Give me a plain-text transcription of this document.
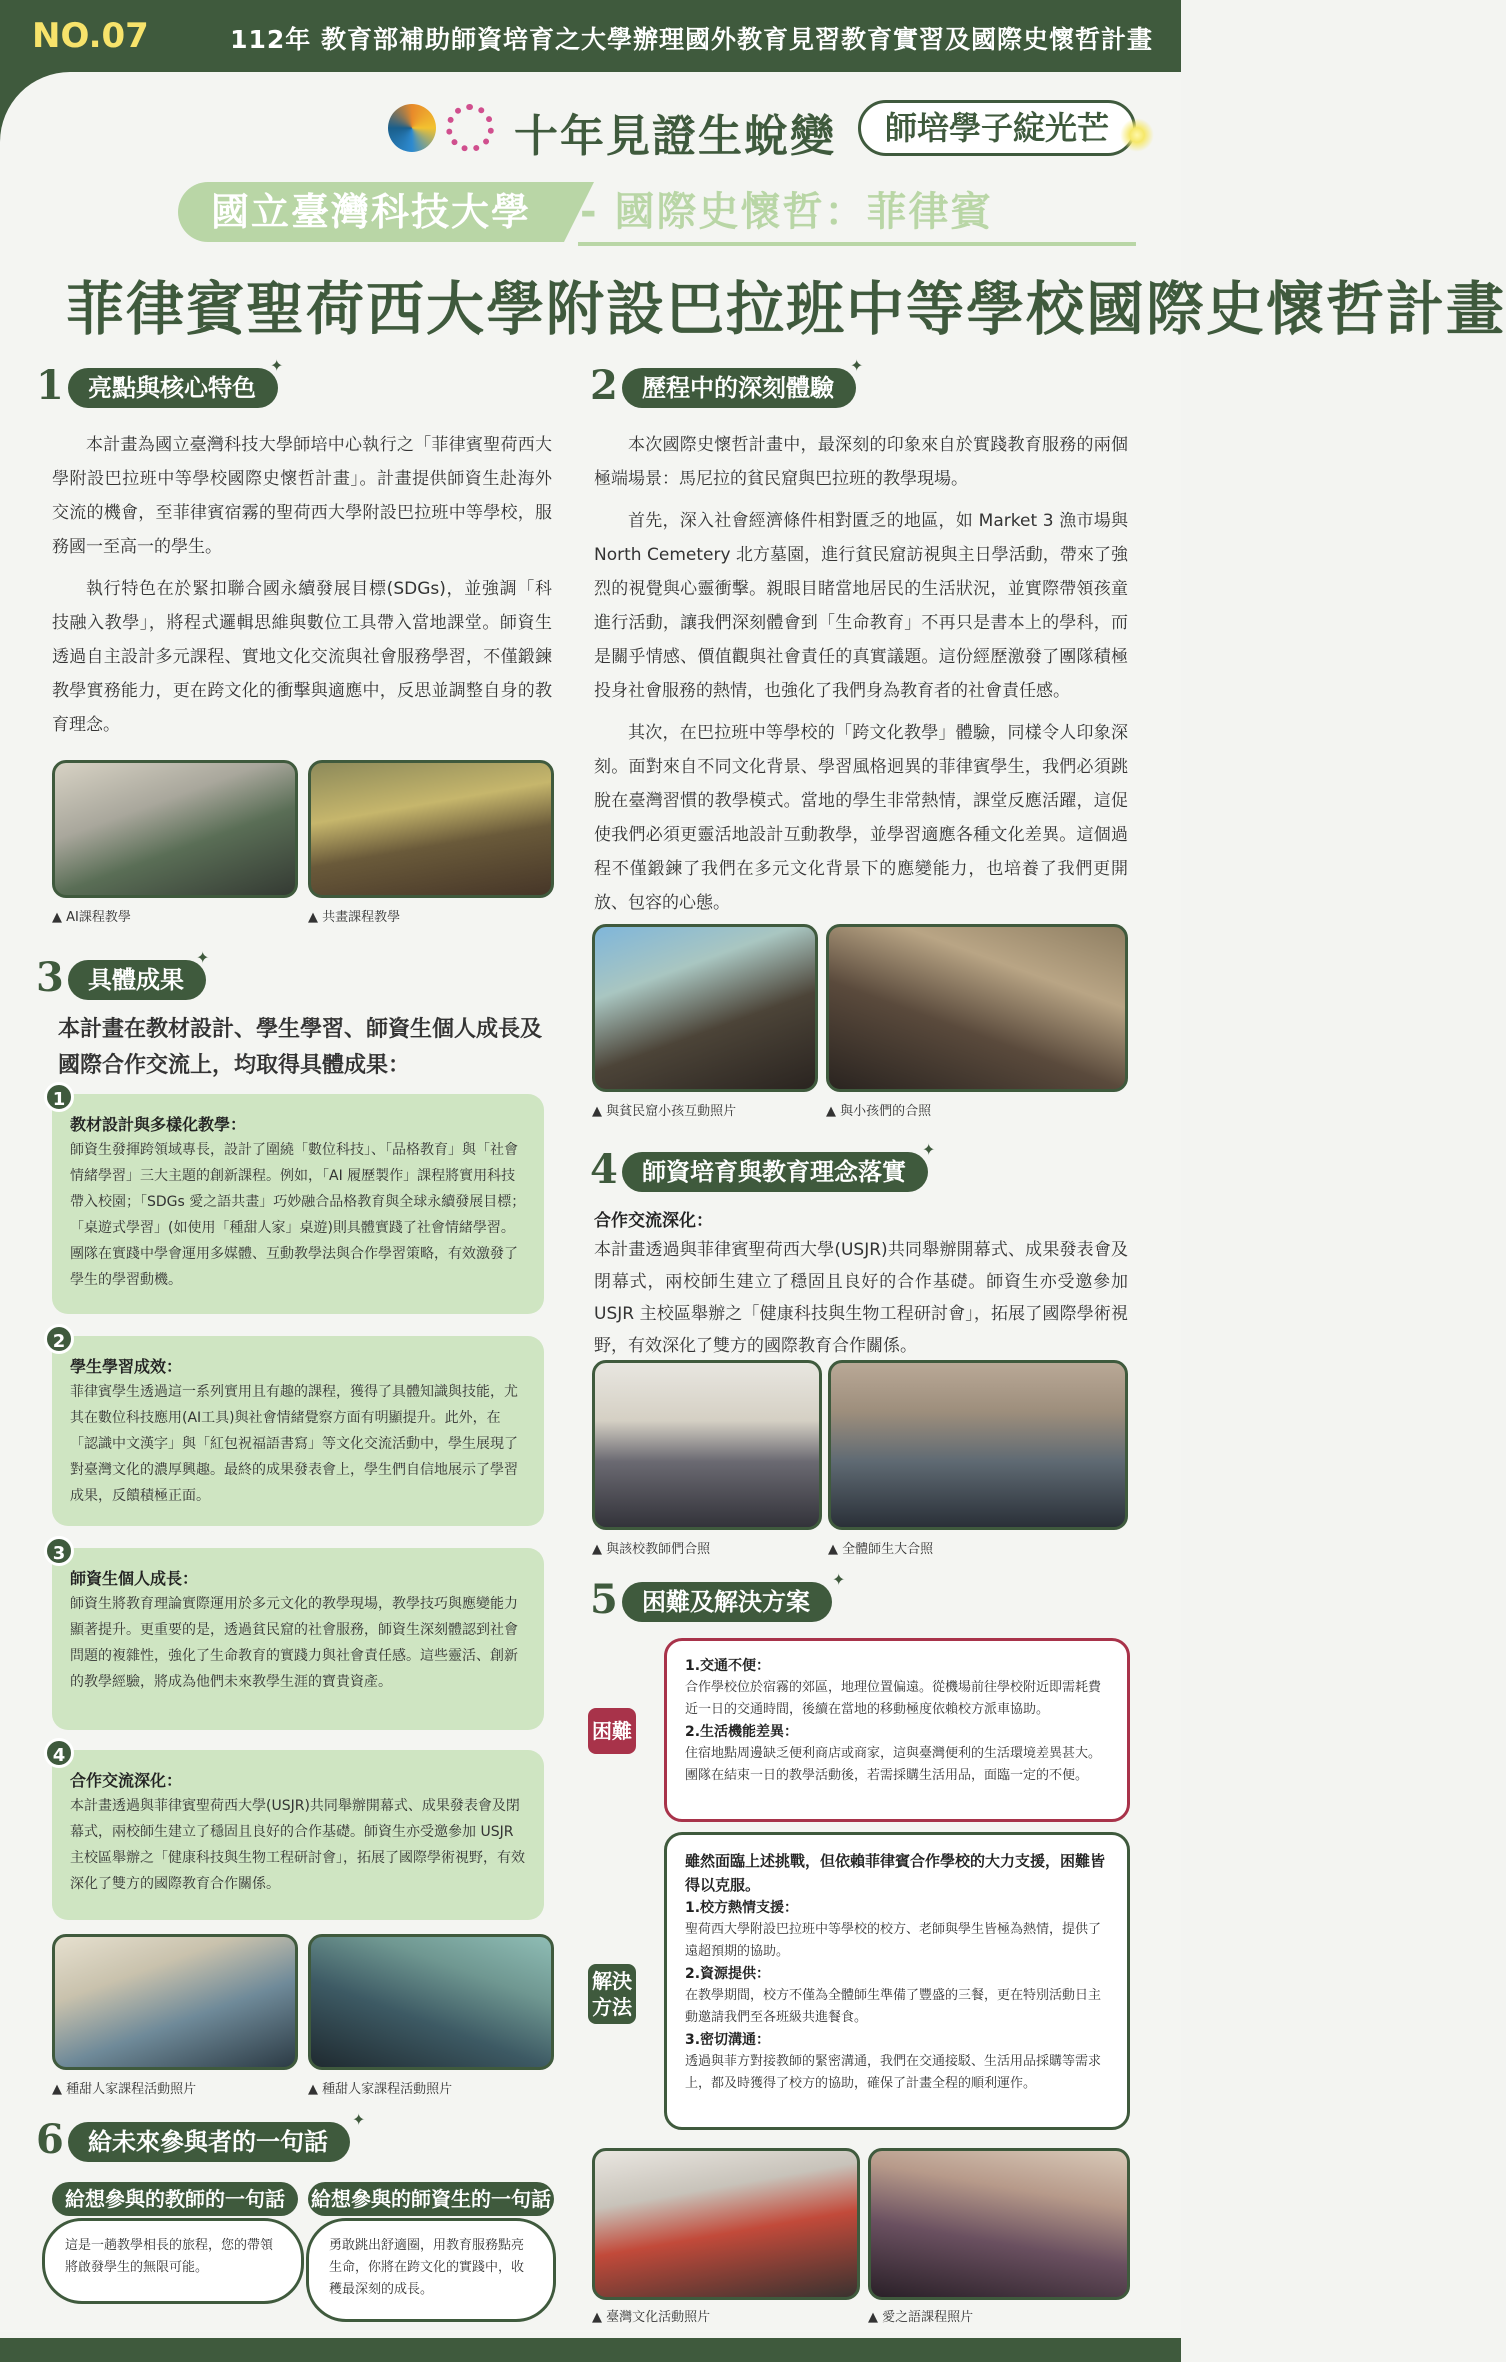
NO.07	112年 教育部補助師資培育之大學辦理國外教育見習教育實習及國際史懷哲計畫
十年見證生蛻變	師培學子綻光芒
國立臺灣科技大學	- 國際史懷哲：菲律賓
菲律賓聖荷西大學附設巴拉班中等學校國際史懷哲計畫
1	亮點與核心特色
✦

本計畫為國立臺灣科技大學師培中心執行之「菲律賓聖荷西大學附設巴拉班中等學校國際史懷哲計畫」。計畫提供師資生赴海外交流的機會，至菲律賓宿霧的聖荷西大學附設巴拉班中等學校，服務國一至高一的學生。

執行特色在於緊扣聯合國永續發展目標(SDGs)，並強調「科技融入教學」，將程式邏輯思維與數位工具帶入當地課堂。師資生透過自主設計多元課程、實地文化交流與社會服務學習，不僅鍛鍊教學實務能力，更在跨文化的衝擊與適應中，反思並調整自身的教育理念。

▲ AI課程教學	▲ 共畫課程教學
3	具體成果
✦
本計畫在教材設計、學生學習、師資生個人成長及國際合作交流上，均取得具體成果：
1
教材設計與多樣化教學：
師資生發揮跨領域專長，設計了圍繞「數位科技」、「品格教育」與「社會情緒學習」三大主題的創新課程。例如，「AI 履歷製作」課程將實用科技帶入校園；「SDGs 愛之語共畫」巧妙融合品格教育與全球永續發展目標；「桌遊式學習」(如使用「種甜人家」桌遊)則具體實踐了社會情緒學習。團隊在實踐中學會運用多媒體、互動教學法與合作學習策略，有效激發了學生的學習動機。
2
學生學習成效：
菲律賓學生透過這一系列實用且有趣的課程，獲得了具體知識與技能，尤其在數位科技應用(AI工具)與社會情緒覺察方面有明顯提升。此外，在「認識中文漢字」與「紅包祝福語書寫」等文化交流活動中，學生展現了對臺灣文化的濃厚興趣。最終的成果發表會上，學生們自信地展示了學習成果，反饋積極正面。
3
師資生個人成長：
師資生將教育理論實際運用於多元文化的教學現場，教學技巧與應變能力顯著提升。更重要的是，透過貧民窟的社會服務，師資生深刻體認到社會問題的複雜性，強化了生命教育的實踐力與社會責任感。這些靈活、創新的教學經驗，將成為他們未來教學生涯的寶貴資產。
4
合作交流深化：
本計畫透過與菲律賓聖荷西大學(USJR)共同舉辦開幕式、成果發表會及閉幕式，兩校師生建立了穩固且良好的合作基礎。師資生亦受邀參加 USJR 主校區舉辦之「健康科技與生物工程研討會」，拓展了國際學術視野，有效深化了雙方的國際教育合作關係。
▲ 種甜人家課程活動照片	▲ 種甜人家課程活動照片
6	給未來參與者的一句話
✦
給想參與的教師的一句話	給想參與的師資生的一句話
這是一趟教學相長的旅程，您的帶領將啟發學生的無限可能。
勇敢跳出舒適圈，用教育服務點亮生命，你將在跨文化的實踐中，收穫最深刻的成長。
2	歷程中的深刻體驗
✦

本次國際史懷哲計畫中，最深刻的印象來自於實踐教育服務的兩個極端場景：馬尼拉的貧民窟與巴拉班的教學現場。

首先，深入社會經濟條件相對匱乏的地區，如 Market 3 漁市場與 North Cemetery 北方墓園，進行貧民窟訪視與主日學活動，帶來了強烈的視覺與心靈衝擊。親眼目睹當地居民的生活狀況，並實際帶領孩童進行活動，讓我們深刻體會到「生命教育」不再只是書本上的學科，而是關乎情感、價值觀與社會責任的真實議題。這份經歷激發了團隊積極投身社會服務的熱情，也強化了我們身為教育者的社會責任感。

其次，在巴拉班中等學校的「跨文化教學」體驗，同樣令人印象深刻。面對來自不同文化背景、學習風格迥異的菲律賓學生，我們必須跳脫在臺灣習慣的教學模式。當地的學生非常熱情，課堂反應活躍，這促使我們必須更靈活地設計互動教學，並學習適應各種文化差異。這個過程不僅鍛鍊了我們在多元文化背景下的應變能力，也培養了我們更開放、包容的心態。

▲ 與貧民窟小孩互動照片	▲ 與小孩們的合照
4	師資培育與教育理念落實
✦
合作交流深化：
本計畫透過與菲律賓聖荷西大學(USJR)共同舉辦開幕式、成果發表會及閉幕式，兩校師生建立了穩固且良好的合作基礎。師資生亦受邀參加 USJR 主校區舉辦之「健康科技與生物工程研討會」，拓展了國際學術視野，有效深化了雙方的國際教育合作關係。
▲ 與該校教師們合照	▲ 全體師生大合照
5	困難及解決方案
✦
困難
1.交通不便：
合作學校位於宿霧的郊區，地理位置偏遠。從機場前往學校附近即需耗費近一日的交通時間，後續在當地的移動極度依賴校方派車協助。
2.生活機能差異：
住宿地點周邊缺乏便利商店或商家，這與臺灣便利的生活環境差異甚大。團隊在結束一日的教學活動後，若需採購生活用品，面臨一定的不便。
解決方法
雖然面臨上述挑戰，但依賴菲律賓合作學校的大力支援，困難皆得以克服。
1.校方熱情支援：
聖荷西大學附設巴拉班中等學校的校方、老師與學生皆極為熱情，提供了遠超預期的協助。
2.資源提供：
在教學期間，校方不僅為全體師生準備了豐盛的三餐，更在特別活動日主動邀請我們至各班級共進餐食。
3.密切溝通：
透過與菲方對接教師的緊密溝通，我們在交通接駁、生活用品採購等需求上，都及時獲得了校方的協助，確保了計畫全程的順利運作。
▲ 臺灣文化活動照片	▲ 愛之語課程照片
